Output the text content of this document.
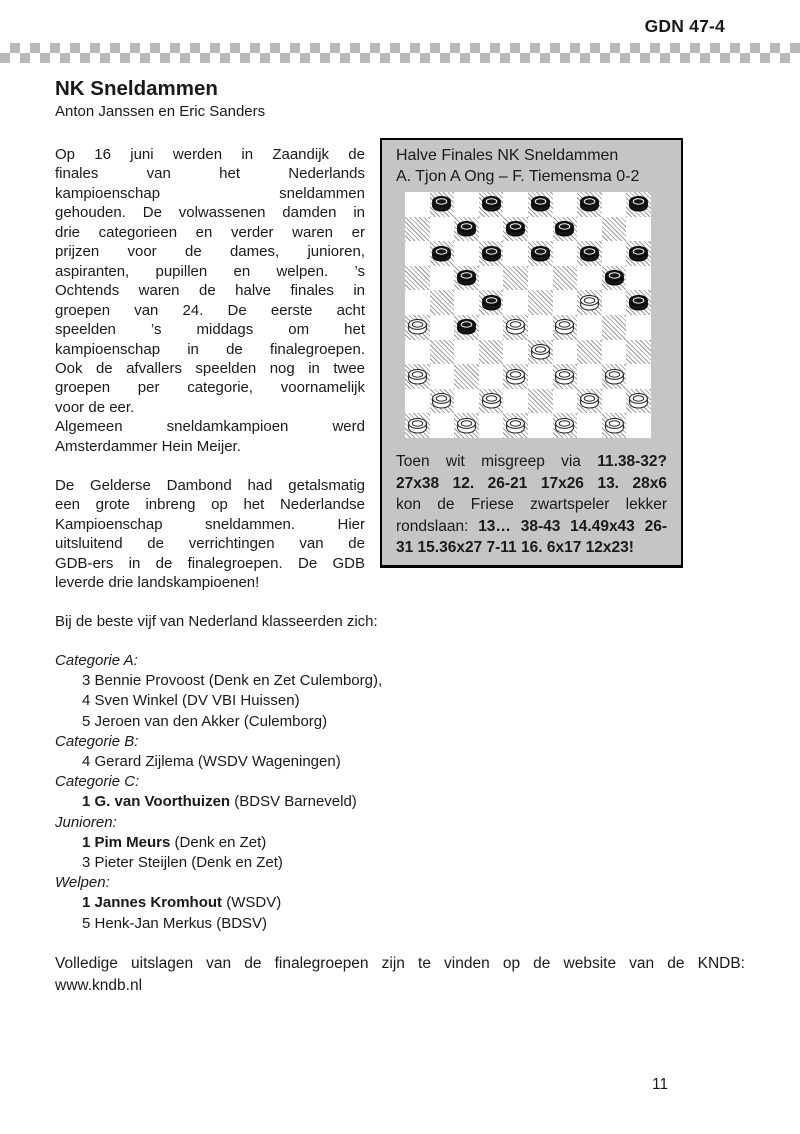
GDN 47-4
NK Sneldammen
Anton Janssen en Eric Sanders
Op 16 juni werden in Zaandijk de
finales van het Nederlands
kampioenschap sneldammen
gehouden. De volwassenen damden in
drie categorieen en verder waren er
prijzen voor de dames, junioren,
aspiranten, pupillen en welpen. ’s
Ochtends waren de halve finales in
groepen van 24. De eerste acht
speelden ’s middags om het
kampioenschap in de finalegroepen.
Ook de afvallers speelden nog in twee
groepen per categorie, voornamelijk
voor de eer.
Algemeen sneldamkampioen werd
Amsterdammer Hein Meijer.
De Gelderse Dambond had getalsmatig
een grote inbreng op het Nederlandse
Kampioenschap sneldammen. Hier
uitsluitend de verrichtingen van de
GDB-ers in de finalegroepen. De GDB
leverde drie landskampioenen!
Halve Finales NK Sneldammen
A. Tjon A Ong – F. Tiemensma 0-2
Toen wit misgreep via 11.38-32?
27x38 12. 26-21 17x26 13. 28x6
kon de Friese zwartspeler lekker
rondslaan: 13… 38-43 14.49x43 26-
31 15.36x27 7-11 16. 6x17 12x23!
Bij de beste vijf van Nederland klasseerden zich:
Categorie A:
3 Bennie Provoost (Denk en Zet Culemborg),
4 Sven Winkel (DV VBI Huissen)
5 Jeroen van den Akker (Culemborg)
Categorie B:
4 Gerard Zijlema (WSDV Wageningen)
Categorie C:
1 G. van Voorthuizen (BDSV Barneveld)
Junioren:
1 Pim Meurs (Denk en Zet)
3 Pieter Steijlen (Denk en Zet)
Welpen:
1 Jannes Kromhout (WSDV)
5 Henk-Jan Merkus (BDSV)
Volledige uitslagen van de finalegroepen zijn te vinden op de website van de KNDB:
www.kndb.nl
11
